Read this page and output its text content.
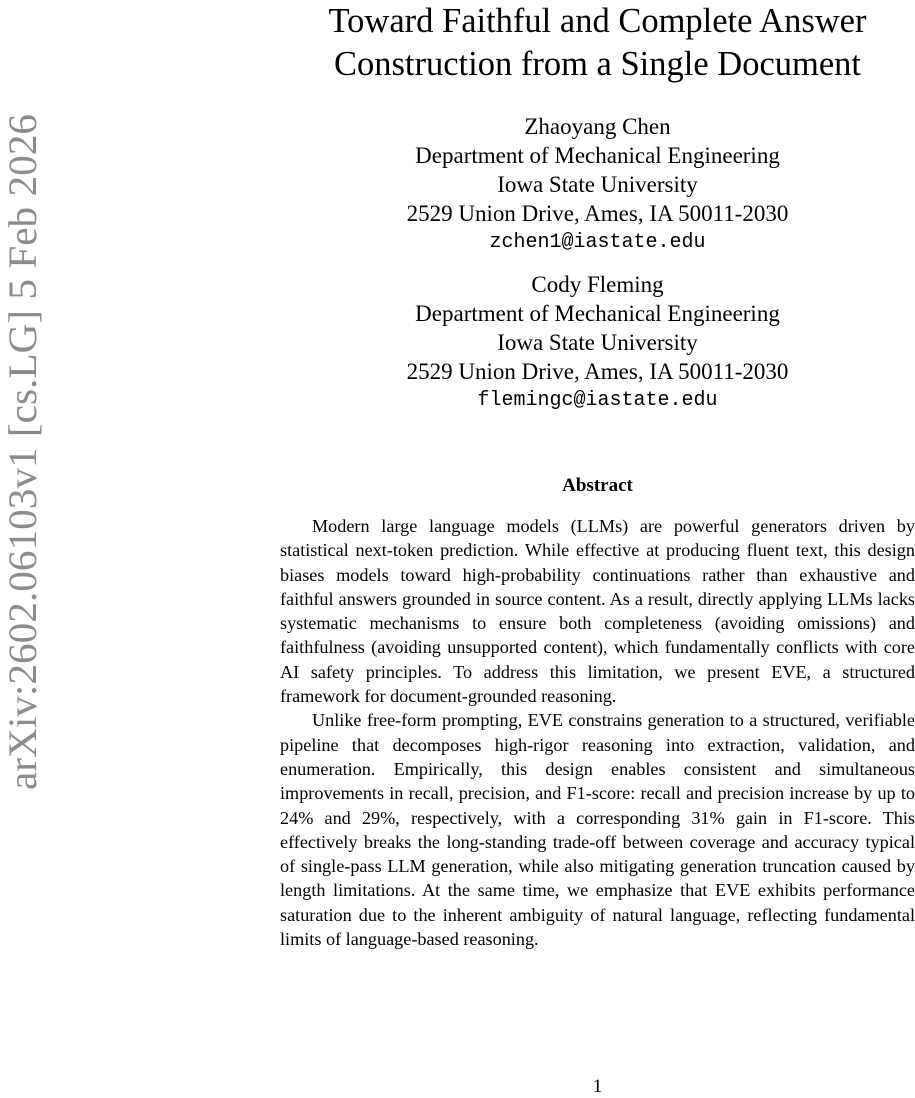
arXiv:2602.06103v1 [cs.LG] 5 Feb 2026
Toward Faithful and Complete Answer
Construction from a Single Document
Zhaoyang Chen
Department of Mechanical Engineering
Iowa State University
2529 Union Drive, Ames, IA 50011-2030
zchen1@iastate.edu
Cody Fleming
Department of Mechanical Engineering
Iowa State University
2529 Union Drive, Ames, IA 50011-2030
flemingc@iastate.edu
Abstract

Modern large language models (LLMs) are powerful generators driven by statistical next-token prediction. While effective at producing fluent text, this design biases models toward high-probability continuations rather than exhaustive and faithful answers grounded in source content. As a result, directly applying LLMs lacks systematic mechanisms to ensure both completeness (avoiding omissions) and faithfulness (avoiding unsupported content), which fundamentally conflicts with core AI safety principles. To address this limitation, we present EVE, a structured framework for document-grounded reasoning.

Unlike free-form prompting, EVE constrains generation to a structured, verifiable pipeline that decomposes high-rigor reasoning into extraction, validation, and enumeration. Empirically, this design enables consistent and simultaneous improvements in recall, precision, and F1-score: recall and precision increase by up to 24% and 29%, respectively, with a corresponding 31% gain in F1-score. This effectively breaks the long-standing trade-off between coverage and accuracy typical of single-pass LLM generation, while also mitigating generation truncation caused by length limitations. At the same time, we emphasize that EVE exhibits performance saturation due to the inherent ambiguity of natural language, reflecting fundamental limits of language-based reasoning.

1
